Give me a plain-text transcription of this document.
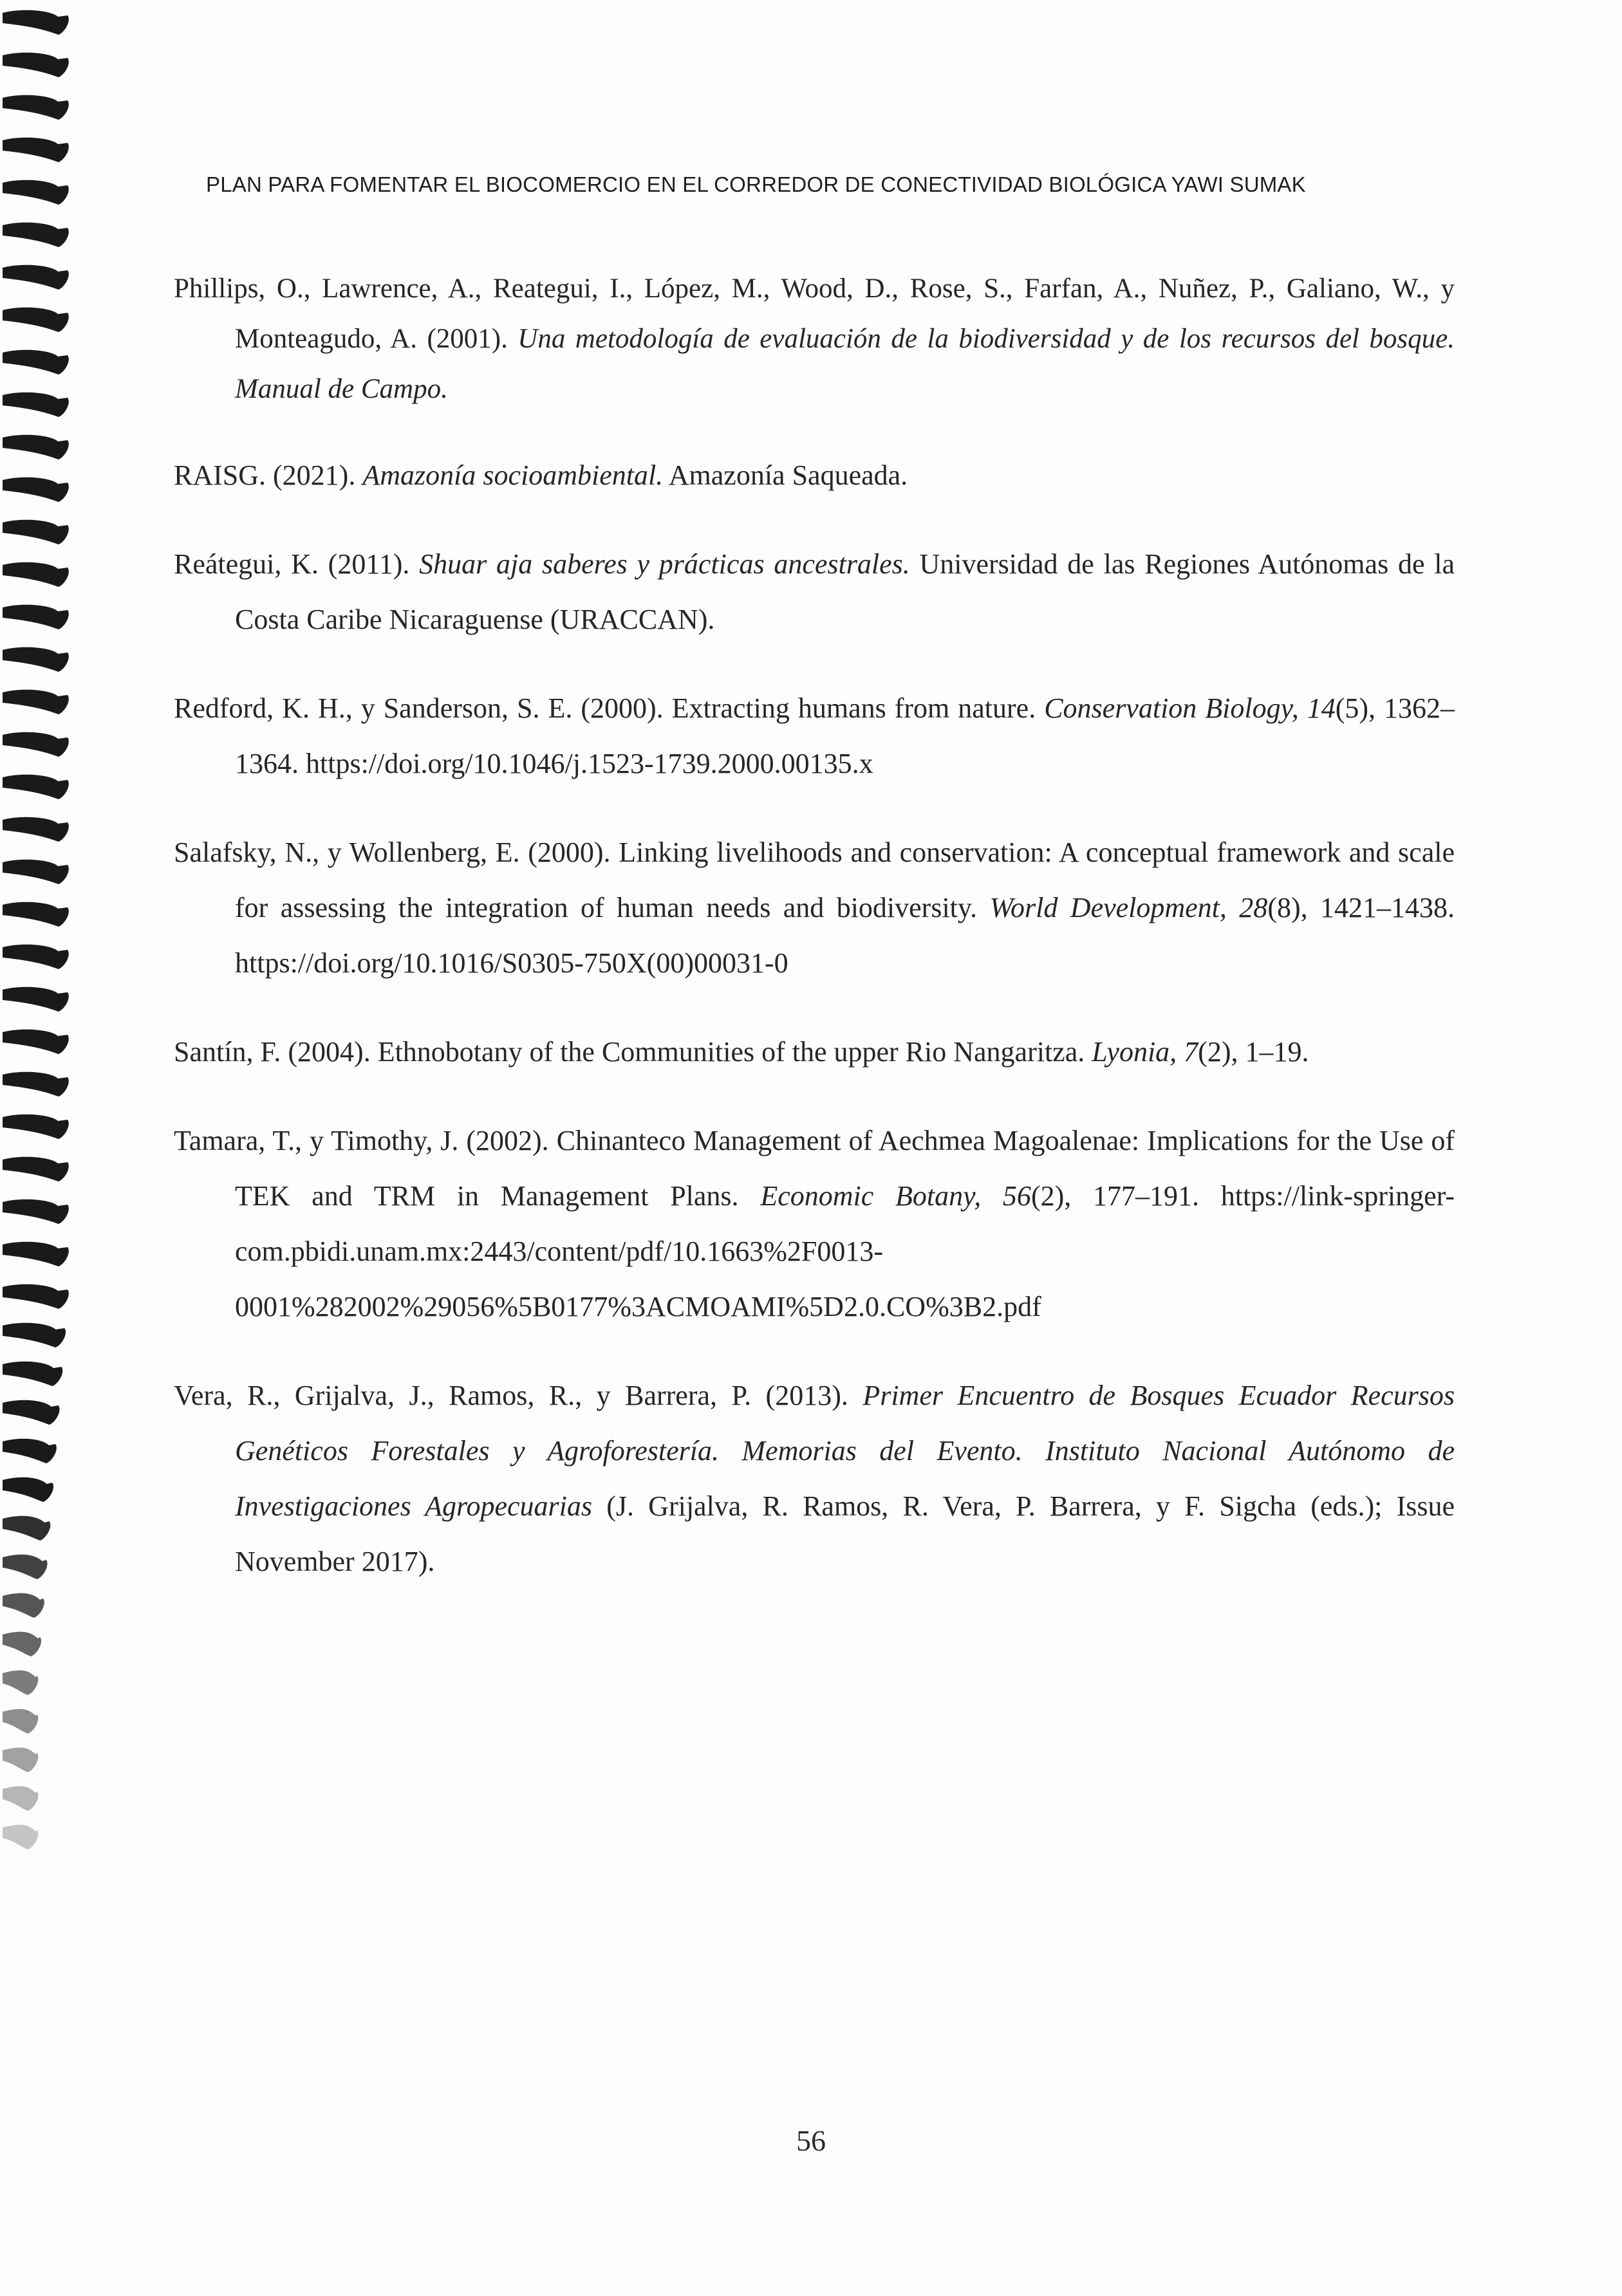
PLAN PARA FOMENTAR EL BIOCOMERCIO EN EL CORREDOR DE CONECTIVIDAD BIOLÓGICA YAWI SUMAK

Phillips, O., Lawrence, A., Reategui, I., López, M., Wood, D., Rose, S., Farfan, A., Nuñez, P., Galiano, W., y Monteagudo, A. (2001). Una metodología de evaluación de la biodiversidad y de los recursos del bosque. Manual de Campo.

RAISG. (2021). Amazonía socioambiental. Amazonía Saqueada.

Reátegui, K. (2011). Shuar aja saberes y prácticas ancestrales. Universidad de las Regiones Autónomas de la Costa Caribe Nicaraguense (URACCAN).

Redford, K. H., y Sanderson, S. E. (2000). Extracting humans from nature. Conservation Biology, 14(5), 1362–1364. https://doi.org/10.1046/j.1523-1739.2000.00135.x

Salafsky, N., y Wollenberg, E. (2000). Linking livelihoods and conservation: A conceptual framework and scale for assessing the integration of human needs and biodiversity. World Development, 28(8), 1421–1438. https://doi.org/10.1016/S0305-750X(00)00031-0

Santín, F. (2004). Ethnobotany of the Communities of the upper Rio Nangaritza. Lyonia, 7(2), 1–19.

Tamara, T., y Timothy, J. (2002). Chinanteco Management of Aechmea Magoalenae: Implications for the Use of TEK and TRM in Management Plans. Economic Botany, 56(2), 177–191. https://link-springer-com.pbidi.unam.mx:2443/content/pdf/10.1663%2F0013-0001%282002%29056%5B0177%3ACMOAMI%5D2.0.CO%3B2.pdf

Vera, R., Grijalva, J., Ramos, R., y Barrera, P. (2013). Primer Encuentro de Bosques Ecuador Recursos Genéticos Forestales y Agroforestería. Memorias del Evento. Instituto Nacional Autónomo de Investigaciones Agropecuarias (J. Grijalva, R. Ramos, R. Vera, P. Barrera, y F. Sigcha (eds.); Issue November 2017).

56
